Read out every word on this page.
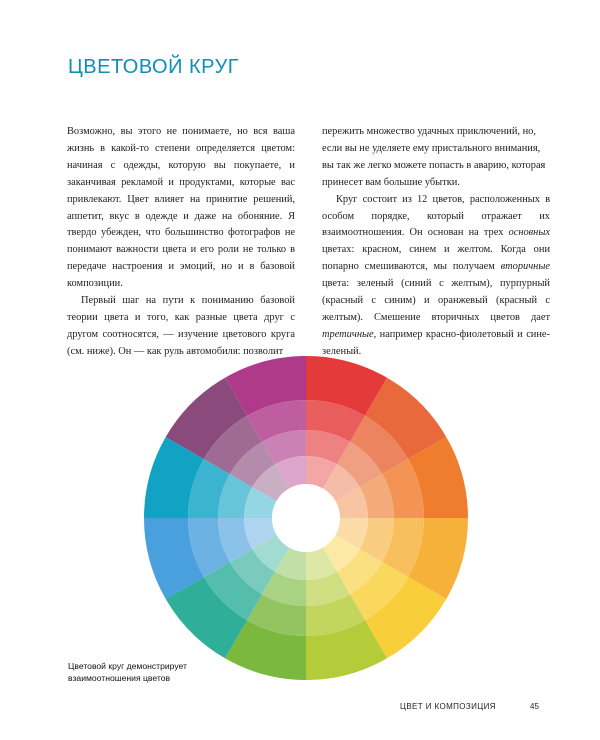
ЦВЕТОВОЙ КРУГ

Возможно, вы этого не понимаете, но вся ваша жизнь в какой-то степени определяется цветом: начиная с одежды, которую вы покупаете, и заканчивая рекламой и продуктами, которые вас привлекают. Цвет влияет на принятие решений, аппетит, вкус в одежде и даже на обоняние. Я твердо убежден, что большинство фотографов не понимают важности цвета и его роли не только в передаче настроения и эмоций, но и в базовой композиции.

Первый шаг на пути к пониманию базовой теории цвета и того, как разные цвета друг с другом соотносятся, — изучение цветового круга (см. ниже). Он — как руль автомобиля: позволит

пережить множество удачных приключений, но, если вы не уделяете ему пристального внимания, вы так же легко можете попасть в аварию, которая принесет вам большие убытки.

Круг состоит из 12 цветов, расположенных в особом порядке, который отражает их взаимоотношения. Он основан на трех основных цветах: красном, синем и желтом. Когда они попарно смешиваются, мы получаем вторичные цвета: зеленый (синий с желтым), пурпурный (красный с синим) и оранжевый (красный с желтым). Смешение вторичных цветов дает третичные, например красно-фиолетовый и сине-зеленый.

Цветовой круг демонстрирует взаимоотношения цветов
ЦВЕТ И КОМПОЗИЦИЯ	45
